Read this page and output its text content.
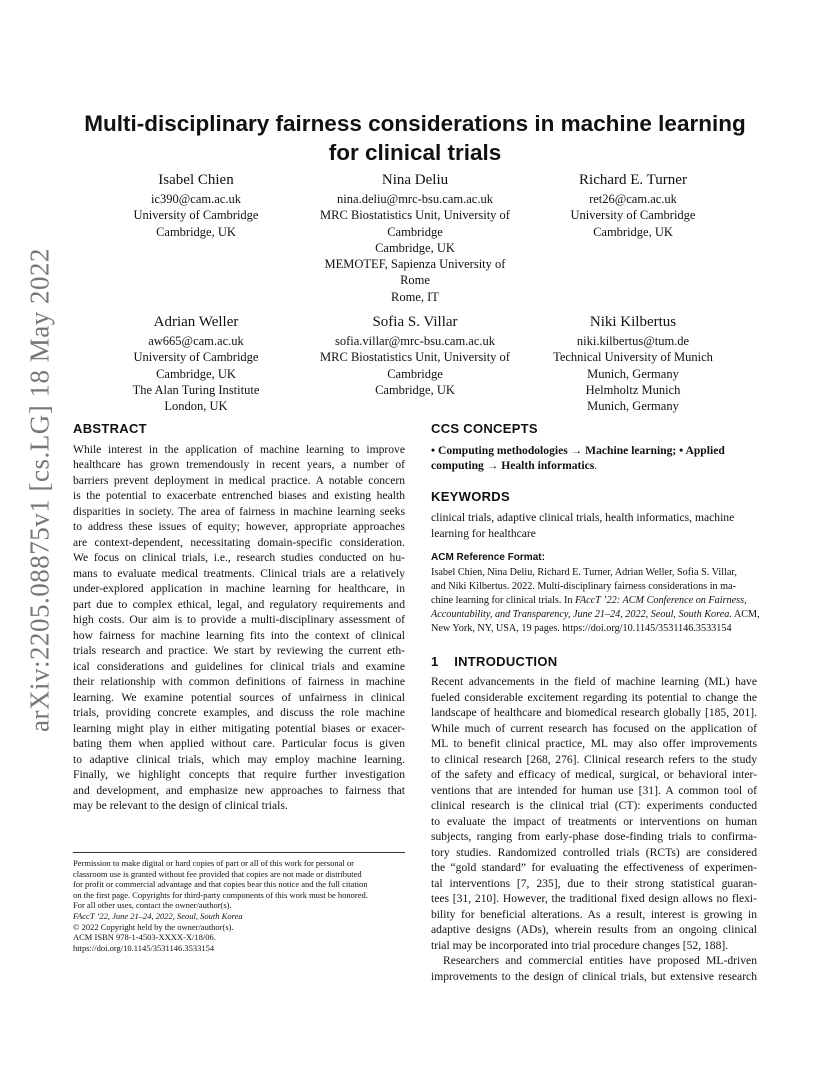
arXiv:2205.08875v1 [cs.LG] 18 May 2022
Multi-disciplinary fairness considerations in machine learning
for clinical trials
Isabel Chien
ic390@cam.ac.uk
University of Cambridge
Cambridge, UK
Nina Deliu
nina.deliu@mrc-bsu.cam.ac.uk
MRC Biostatistics Unit, University of
Cambridge
Cambridge, UK
MEMOTEF, Sapienza University of
Rome
Rome, IT
Richard E. Turner
ret26@cam.ac.uk
University of Cambridge
Cambridge, UK
Adrian Weller
aw665@cam.ac.uk
University of Cambridge
Cambridge, UK
The Alan Turing Institute
London, UK
Sofia S. Villar
sofia.villar@mrc-bsu.cam.ac.uk
MRC Biostatistics Unit, University of
Cambridge
Cambridge, UK
Niki Kilbertus
niki.kilbertus@tum.de
Technical University of Munich
Munich, Germany
Helmholtz Munich
Munich, Germany
ABSTRACT
While interest in the application of machine learning to improve
healthcare has grown tremendously in recent years, a number of
barriers prevent deployment in medical practice. A notable concern
is the potential to exacerbate entrenched biases and existing health
disparities in society. The area of fairness in machine learning seeks
to address these issues of equity; however, appropriate approaches
are context-dependent, necessitating domain-specific consideration.
We focus on clinical trials, i.e., research studies conducted on hu-
mans to evaluate medical treatments. Clinical trials are a relatively
under-explored application in machine learning for healthcare, in
part due to complex ethical, legal, and regulatory requirements and
high costs. Our aim is to provide a multi-disciplinary assessment of
how fairness for machine learning fits into the context of clinical
trials research and practice. We start by reviewing the current eth-
ical considerations and guidelines for clinical trials and examine
their relationship with common definitions of fairness in machine
learning. We examine potential sources of unfairness in clinical
trials, providing concrete examples, and discuss the role machine
learning might play in either mitigating potential biases or exacer-
bating them when applied without care. Particular focus is given
to adaptive clinical trials, which may employ machine learning.
Finally, we highlight concepts that require further investigation
and development, and emphasize new approaches to fairness that
may be relevant to the design of clinical trials.
Permission to make digital or hard copies of part or all of this work for personal or
classroom use is granted without fee provided that copies are not made or distributed
for profit or commercial advantage and that copies bear this notice and the full citation
on the first page. Copyrights for third-party components of this work must be honored.
For all other uses, contact the owner/author(s).
FAccT ’22, June 21–24, 2022, Seoul, South Korea
© 2022 Copyright held by the owner/author(s).
ACM ISBN 978-1-4503-XXXX-X/18/06.
https://doi.org/10.1145/3531146.3533154
CCS CONCEPTS
• Computing methodologies → Machine learning; • Applied
computing → Health informatics.
KEYWORDS
clinical trials, adaptive clinical trials, health informatics, machine
learning for healthcare
ACM Reference Format:
Isabel Chien, Nina Deliu, Richard E. Turner, Adrian Weller, Sofia S. Villar,
and Niki Kilbertus. 2022. Multi-disciplinary fairness considerations in ma-
chine learning for clinical trials. In FAccT ’22: ACM Conference on Fairness,
Accountability, and Transparency, June 21–24, 2022, Seoul, South Korea. ACM,
New York, NY, USA, 19 pages. https://doi.org/10.1145/3531146.3533154
1 INTRODUCTION
Recent advancements in the field of machine learning (ML) have
fueled considerable excitement regarding its potential to change the
landscape of healthcare and biomedical research globally [185, 201].
While much of current research has focused on the application of
ML to benefit clinical practice, ML may also offer improvements
to clinical research [268, 276]. Clinical research refers to the study
of the safety and efficacy of medical, surgical, or behavioral inter-
ventions that are intended for human use [31]. A common tool of
clinical research is the clinical trial (CT): experiments conducted
to evaluate the impact of treatments or interventions on human
subjects, ranging from early-phase dose-finding trials to confirma-
tory studies. Randomized controlled trials (RCTs) are considered
the “gold standard” for evaluating the effectiveness of experimen-
tal interventions [7, 235], due to their strong statistical guaran-
tees [31, 210]. However, the traditional fixed design allows no flexi-
bility for beneficial alterations. As a result, interest is growing in
adaptive designs (ADs), wherein results from an ongoing clinical
trial may be incorporated into trial procedure changes [52, 188].
Researchers and commercial entities have proposed ML-driven
improvements to the design of clinical trials, but extensive research
